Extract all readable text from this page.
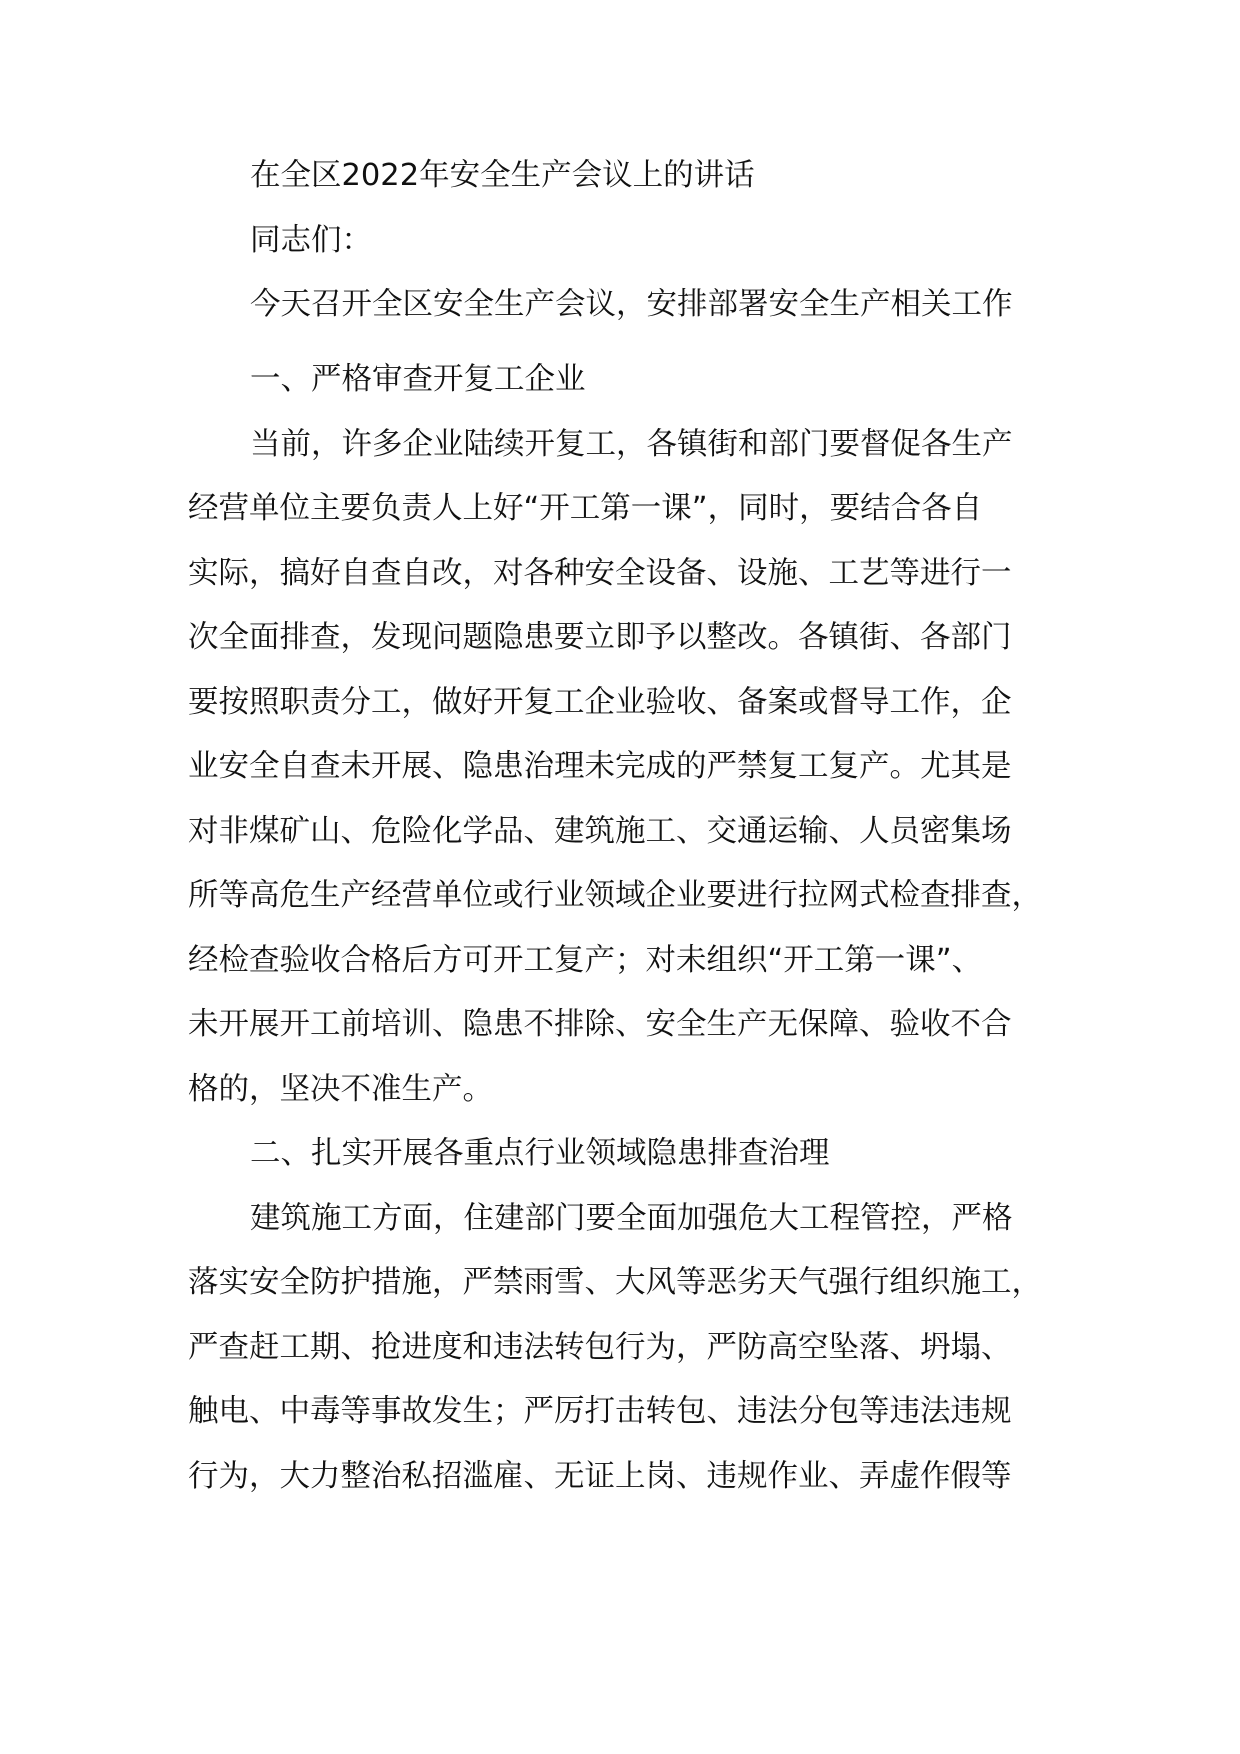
在全区2022年安全生产会议上的讲话
同志们：
今天召开全区安全生产会议，安排部署安全生产相关工作
一、严格审查开复工企业
当前，许多企业陆续开复工，各镇街和部门要督促各生产
经营单位主要负责人上好“开工第一课”，同时，要结合各自
实际，搞好自查自改，对各种安全设备、设施、工艺等进行一
次全面排查，发现问题隐患要立即予以整改。各镇街、各部门
要按照职责分工，做好开复工企业验收、备案或督导工作，企
业安全自查未开展、隐患治理未完成的严禁复工复产。尤其是
对非煤矿山、危险化学品、建筑施工、交通运输、人员密集场
所等高危生产经营单位或行业领域企业要进行拉网式检查排查，
经检查验收合格后方可开工复产；对未组织“开工第一课”、
未开展开工前培训、隐患不排除、安全生产无保障、验收不合
格的，坚决不准生产。
二、扎实开展各重点行业领域隐患排查治理
建筑施工方面，住建部门要全面加强危大工程管控，严格
落实安全防护措施，严禁雨雪、大风等恶劣天气强行组织施工，
严查赶工期、抢进度和违法转包行为，严防高空坠落、坍塌、
触电、中毒等事故发生；严厉打击转包、违法分包等违法违规
行为，大力整治私招滥雇、无证上岗、违规作业、弄虚作假等
